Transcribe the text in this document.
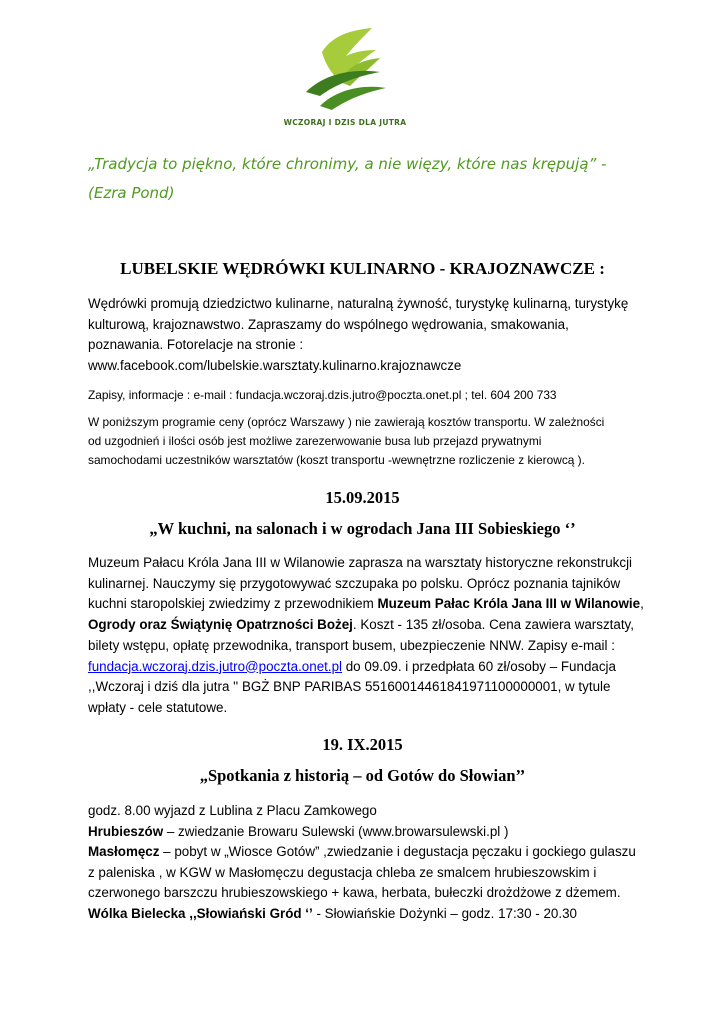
WCZORAJ I DZIS DLA JUTRA
„Tradycja to piękno, które chronimy, a nie więzy, które nas krępują” -
(Ezra Pond)
LUBELSKIE WĘDRÓWKI KULINARNO - KRAJOZNAWCZE :
Wędrówki promują dziedzictwo kulinarne, naturalną żywność, turystykę kulinarną, turystykę
kulturową, krajoznawstwo. Zapraszamy do wspólnego wędrowania, smakowania,
poznawania. Fotorelacje na stronie :
www.facebook.com/lubelskie.warsztaty.kulinarno.krajoznawcze
Zapisy, informacje : e-mail : fundacja.wczoraj.dzis.jutro@poczta.onet.pl ; tel. 604 200 733
W poniższym programie ceny (oprócz Warszawy ) nie zawierają kosztów transportu. W zależności
od uzgodnień i ilości osób jest możliwe zarezerwowanie busa lub przejazd prywatnymi
samochodami uczestników warsztatów (koszt transportu -wewnętrzne rozliczenie z kierowcą ).
15.09.2015
„W kuchni, na salonach i w ogrodach Jana III Sobieskiego ‘’
Muzeum Pałacu Króla Jana III w Wilanowie zaprasza na warsztaty historyczne rekonstrukcji
kulinarnej. Nauczymy się przygotowywać szczupaka po polsku. Oprócz poznania tajników
kuchni staropolskiej zwiedzimy z przewodnikiem Muzeum Pałac Króla Jana III w Wilanowie,
Ogrody oraz Świątynię Opatrzności Bożej. Koszt - 135 zł/osoba. Cena zawiera warsztaty,
bilety wstępu, opłatę przewodnika, transport busem, ubezpieczenie NNW. Zapisy e-mail :
fundacja.wczoraj.dzis.jutro@poczta.onet.pl do 09.09. i przedpłata 60 zł/osoby – Fundacja
,,Wczoraj i dziś dla jutra '' BGŻ BNP PARIBAS 55160014461841971100000001, w tytule
wpłaty - cele statutowe.
19. IX.2015
„Spotkania z historią – od Gotów do Słowian’’
godz. 8.00 wyjazd z Lublina z Placu Zamkowego
Hrubieszów – zwiedzanie Browaru Sulewski (www.browarsulewski.pl )
Masłomęcz – pobyt w „Wiosce Gotów” ,zwiedzanie i degustacja pęczaku i gockiego gulaszu
z paleniska , w KGW w Masłomęczu degustacja chleba ze smalcem hrubieszowskim i
czerwonego barszczu hrubieszowskiego + kawa, herbata, bułeczki drożdżowe z dżemem.
Wólka Bielecka ,,Słowiański Gród ‘’ - Słowiańskie Dożynki – godz. 17:30 - 20.30
